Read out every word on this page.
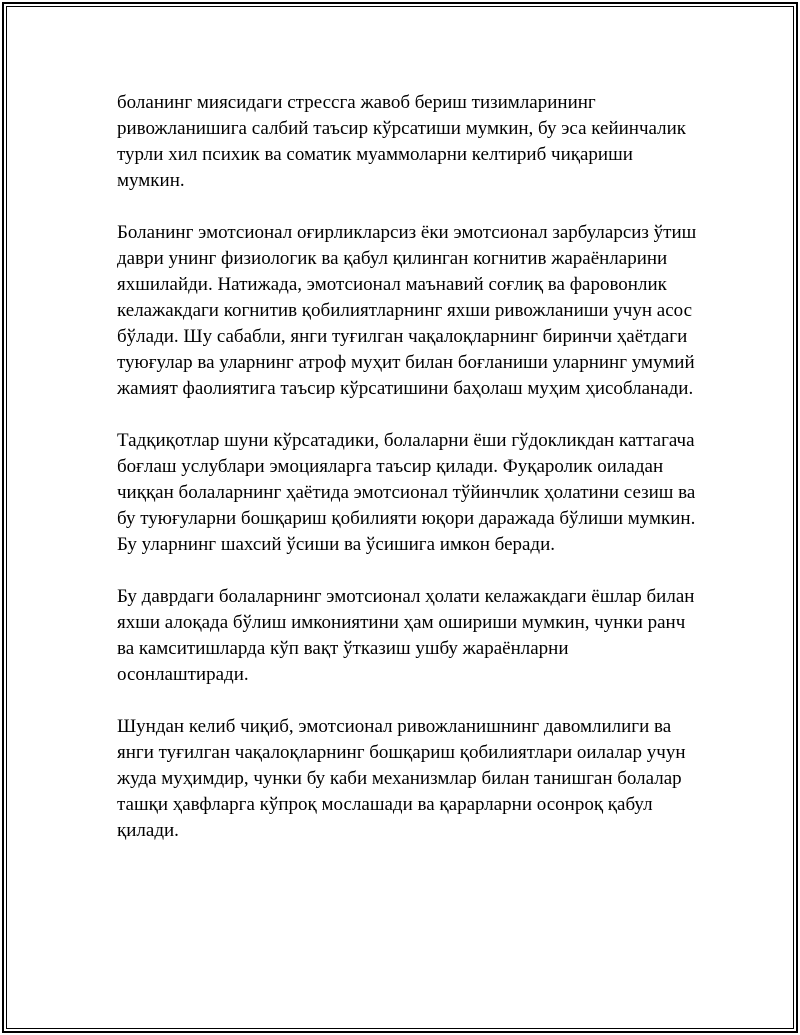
боланинг миясидаги стрессга жавоб бериш тизимларининг
ривожланишига салбий таъсир кўрсатиши мумкин, бу эса кейинчалик
турли хил психик ва соматик муаммоларни келтириб чиқариши
мумкин.

Боланинг эмотсионал оғирликларсиз ёки эмотсионал зарбуларсиз ўтиш
даври унинг физиологик ва қабул қилинган когнитив жараёнларини
яхшилайди. Натижада, эмотсионал маънавий соғлиқ ва фаровонлик
келажакдаги когнитив қобилиятларнинг яхши ривожланиши учун асос
бўлади. Шу сабабли, янги туғилган чақалоқларнинг биринчи ҳаётдаги
туюғулар ва уларнинг атроф муҳит билан боғланиши уларнинг умумий
жамият фаолиятига таъсир кўрсатишини баҳолаш муҳим ҳисобланади.

Тадқиқотлар шуни кўрсатадики, болаларни ёши гўдокликдан каттагача
боғлаш услублари эмоцияларга таъсир қилади. Фуқаролик оиладан
чиққан болаларнинг ҳаётида эмотсионал тўйинчлик ҳолатини сезиш ва
бу туюғуларни бошқариш қобилияти юқори даражада бўлиши мумкин.
Бу уларнинг шахсий ўсиши ва ўсишига имкон беради.

Бу даврдаги болаларнинг эмотсионал ҳолати келажакдаги ёшлар билан
яхши алоқада бўлиш имкониятини ҳам ошириши мумкин, чунки ранч
ва камситишларда кўп вақт ўтказиш ушбу жараёнларни
осонлаштиради.

Шундан келиб чиқиб, эмотсионал ривожланишнинг давомлилиги ва
янги туғилган чақалоқларнинг бошқариш қобилиятлари оилалар учун
жуда муҳимдир, чунки бу каби механизмлар билан танишган болалар
ташқи ҳавфларга кўпроқ мослашади ва қарарларни осонроқ қабул
қилади.
